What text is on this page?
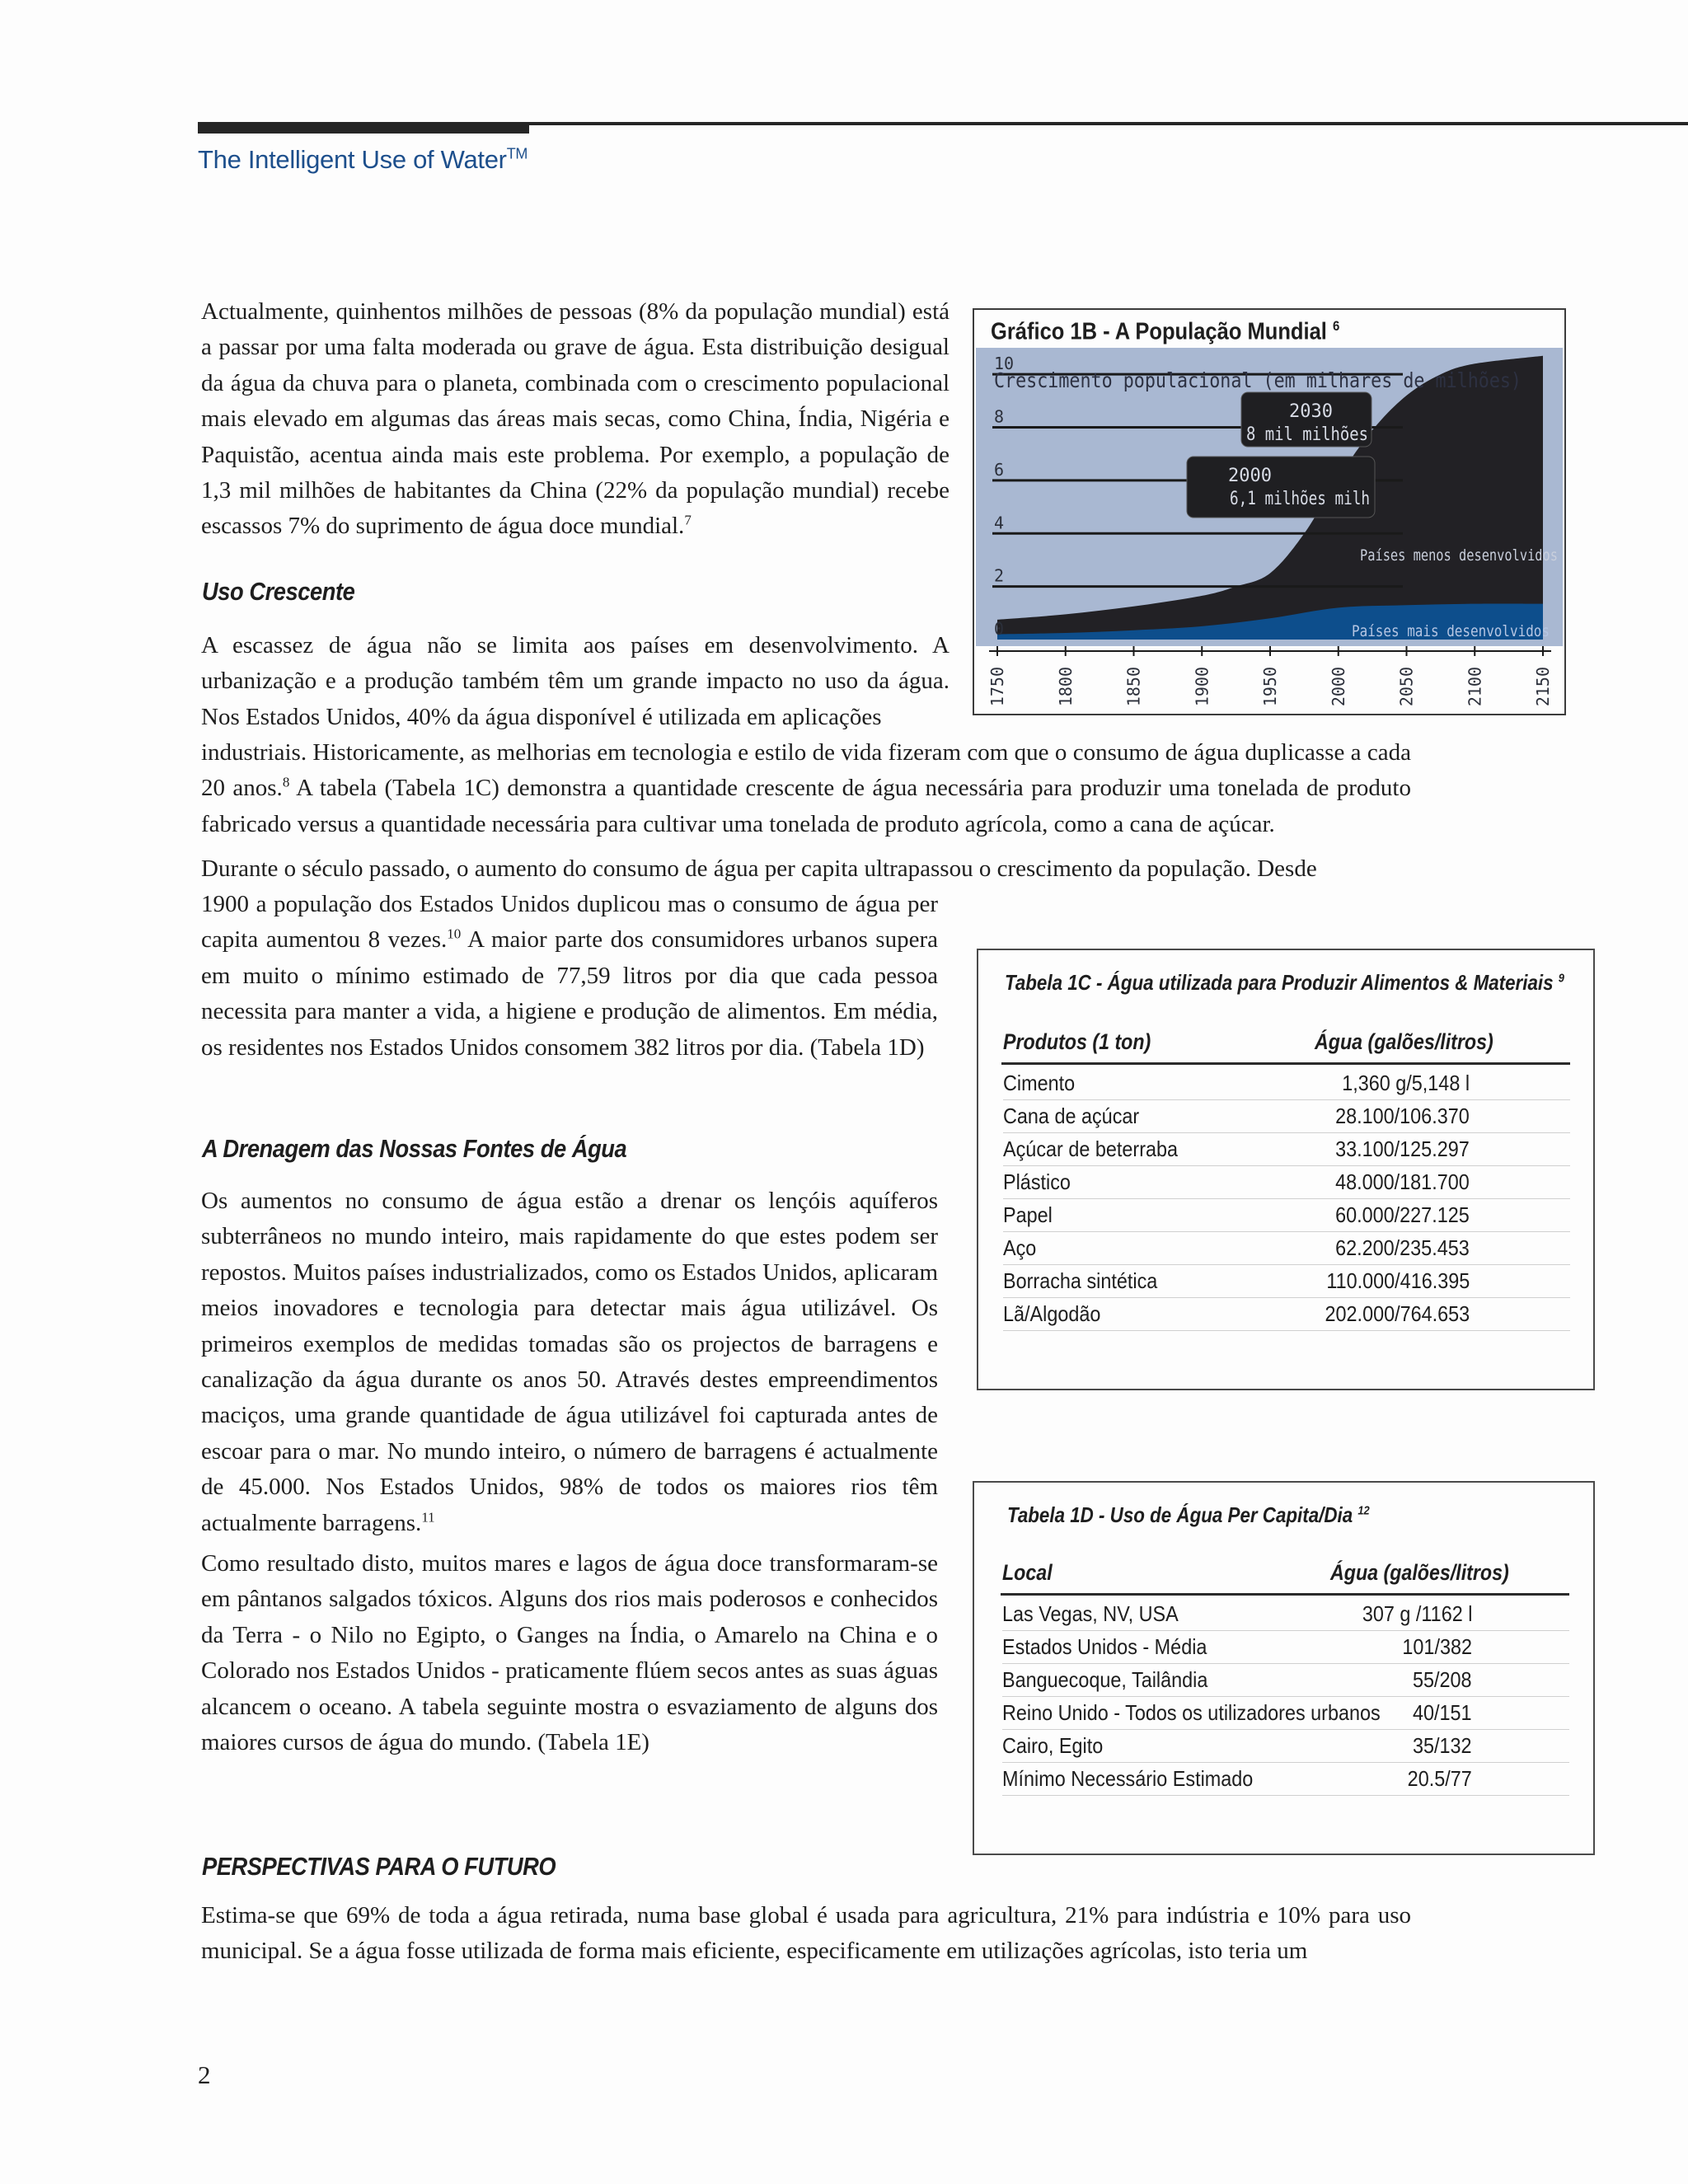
The Intelligent Use of Water™

Actualmente, quinhentos milhões de pessoas (8% da população mundial) está a passar por uma falta moderada ou grave de água. Esta distribuição desigual da água da chuva para o planeta, combinada com o crescimento populacional mais elevado em algumas das áreas mais secas, como China, Índia, Nigéria e Paquistão, acentua ainda mais este problema. Por exemplo, a população de 1,3 mil milhões de habitantes da China (22% da população mundial) recebe escassos 7% do suprimento de água doce mundial.$^7$

Uso Crescente

A escassez de água não se limita aos países em desenvolvimento. A urbanização e a produção também têm um grande impacto no uso da água. Nos Estados Unidos, 40% da água disponível é utilizada em aplicações

industriais. Historicamente, as melhorias em tecnologia e estilo de vida fizeram com que o consumo de água duplicasse a cada 20 anos.$^8$ A tabela (Tabela 1C) demonstra a quantidade crescente de água necessária para produzir uma tonelada de produto fabricado versus a quantidade necessária para cultivar uma tonelada de produto agrícola, como a cana de açúcar.

Durante o século passado, o aumento do consumo de água per capita ultrapassou o crescimento da população. Desde

1900 a população dos Estados Unidos duplicou mas o consumo de água per capita aumentou 8 vezes.$^{10}$ A maior parte dos consumidores urbanos supera em muito o mínimo estimado de 77,59 litros por dia que cada pessoa necessita para manter a vida, a higiene e produção de alimentos. Em média, os residentes nos Estados Unidos consomem 382 litros por dia. (Tabela 1D)

A Drenagem das Nossas Fontes de Água

Os aumentos no consumo de água estão a drenar os lençóis aquíferos subterrâneos no mundo inteiro, mais rapidamente do que estes podem ser repostos. Muitos países industrializados, como os Estados Unidos, aplicaram meios inovadores e tecnologia para detectar mais água utilizável. Os primeiros exemplos de medidas tomadas são os projectos de barragens e canalização da água durante os anos 50. Através destes empreendimentos maciços, uma grande quantidade de água utilizável foi capturada antes de escoar para o mar. No mundo inteiro, o número de barragens é actualmente de 45.000. Nos Estados Unidos, 98% de todos os maiores rios têm actualmente barragens.$^{11}$

Como resultado disto, muitos mares e lagos de água doce transformaram-se em pântanos salgados tóxicos. Alguns dos rios mais poderosos e conhecidos da Terra - o Nilo no Egipto, o Ganges na Índia, o Amarelo na China e o Colorado nos Estados Unidos - praticamente flúem secos antes as suas águas alcancem o oceano. A tabela seguinte mostra o esvaziamento de alguns dos maiores cursos de água do mundo. (Tabela 1E)

PERSPECTIVAS PARA O FUTURO

Estima-se que 69% de toda a água retirada, numa base global é usada para agricultura, 21% para indústria e 10% para uso municipal. Se a água fosse utilizada de forma mais eficiente, especificamente em utilizações agrícolas, isto teria um

Crescimento populacional (em milhares de milhões)
0
2
4
6
8
10
Países menos desenvolvidos
Países mais desenvolvidos
2000
6,1 milhões milh
2030
8 mil milhões
1750	1800	1850	1900	1950	2000	2050	2100	2150
Gráfico 1B - A População Mundial $^6$
Tabela 1C - Água utilizada para Produzir Alimentos & Materiais $^9$
Produtos (1 ton)	Água (galões/litros)
Cimento	1,360 g/5,148 l
Cana de açúcar	28.100/106.370
Açúcar de beterraba	33.100/125.297
Plástico	48.000/181.700
Papel	60.000/227.125
Aço	62.200/235.453
Borracha sintética	110.000/416.395
Lã/Algodão	202.000/764.653
Tabela 1D - Uso de Água Per Capita/Dia $^{12}$
Local	Água (galões/litros)
Las Vegas, NV, USA	307 g /1162 l
Estados Unidos - Média	101/382
Banguecoque, Tailândia	55/208
Reino Unido - Todos os utilizadores urbanos 40/151
Cairo, Egito	35/132
Mínimo Necessário Estimado	20.5/77
2
